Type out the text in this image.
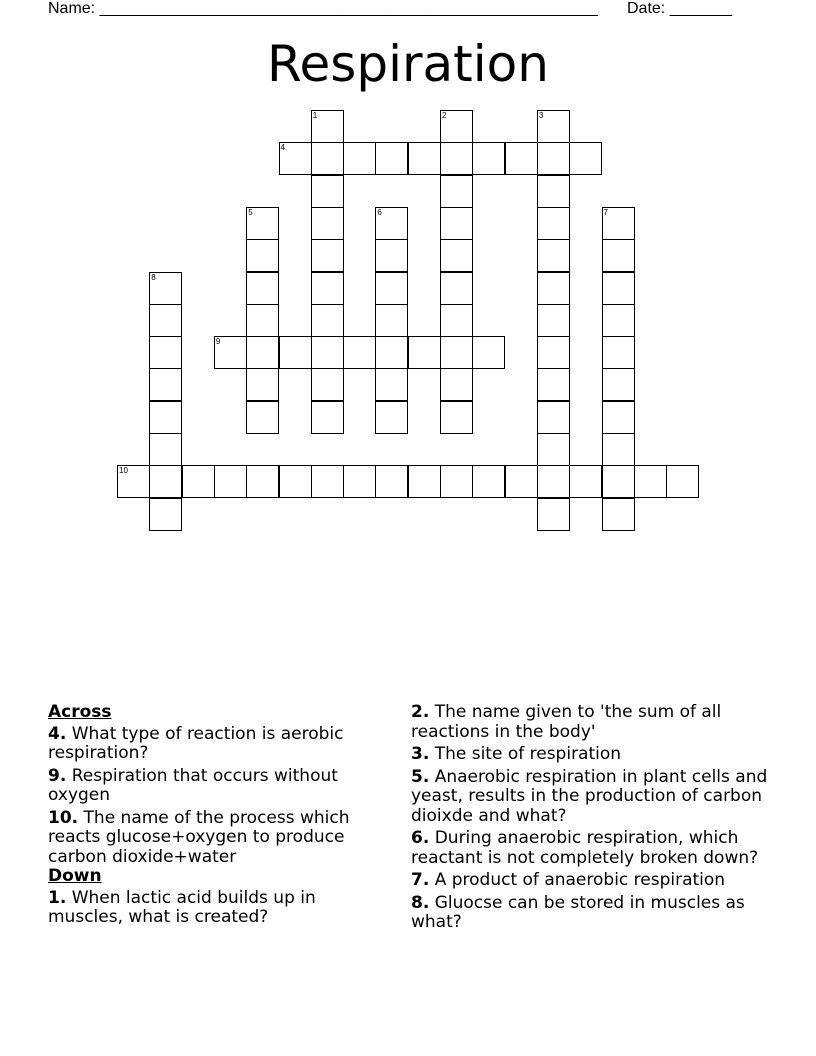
Name: ________________________________________________________ Date: _______
Respiration
1	2	3
4
5	6	7
8
9
10
Across
4. What type of reaction is aerobic respiration?
9. Respiration that occurs without oxygen
10. The name of the process which reacts glucose+oxygen to produce carbon dioxide+water
Down
1. When lactic acid builds up in muscles, what is created?
2. The name given to 'the sum of all reactions in the body'
3. The site of respiration
5. Anaerobic respiration in plant cells and yeast, results in the production of carbon dioixde and what?
6. During anaerobic respiration, which reactant is not completely broken down?
7. A product of anaerobic respiration
8. Gluocse can be stored in muscles as what?
